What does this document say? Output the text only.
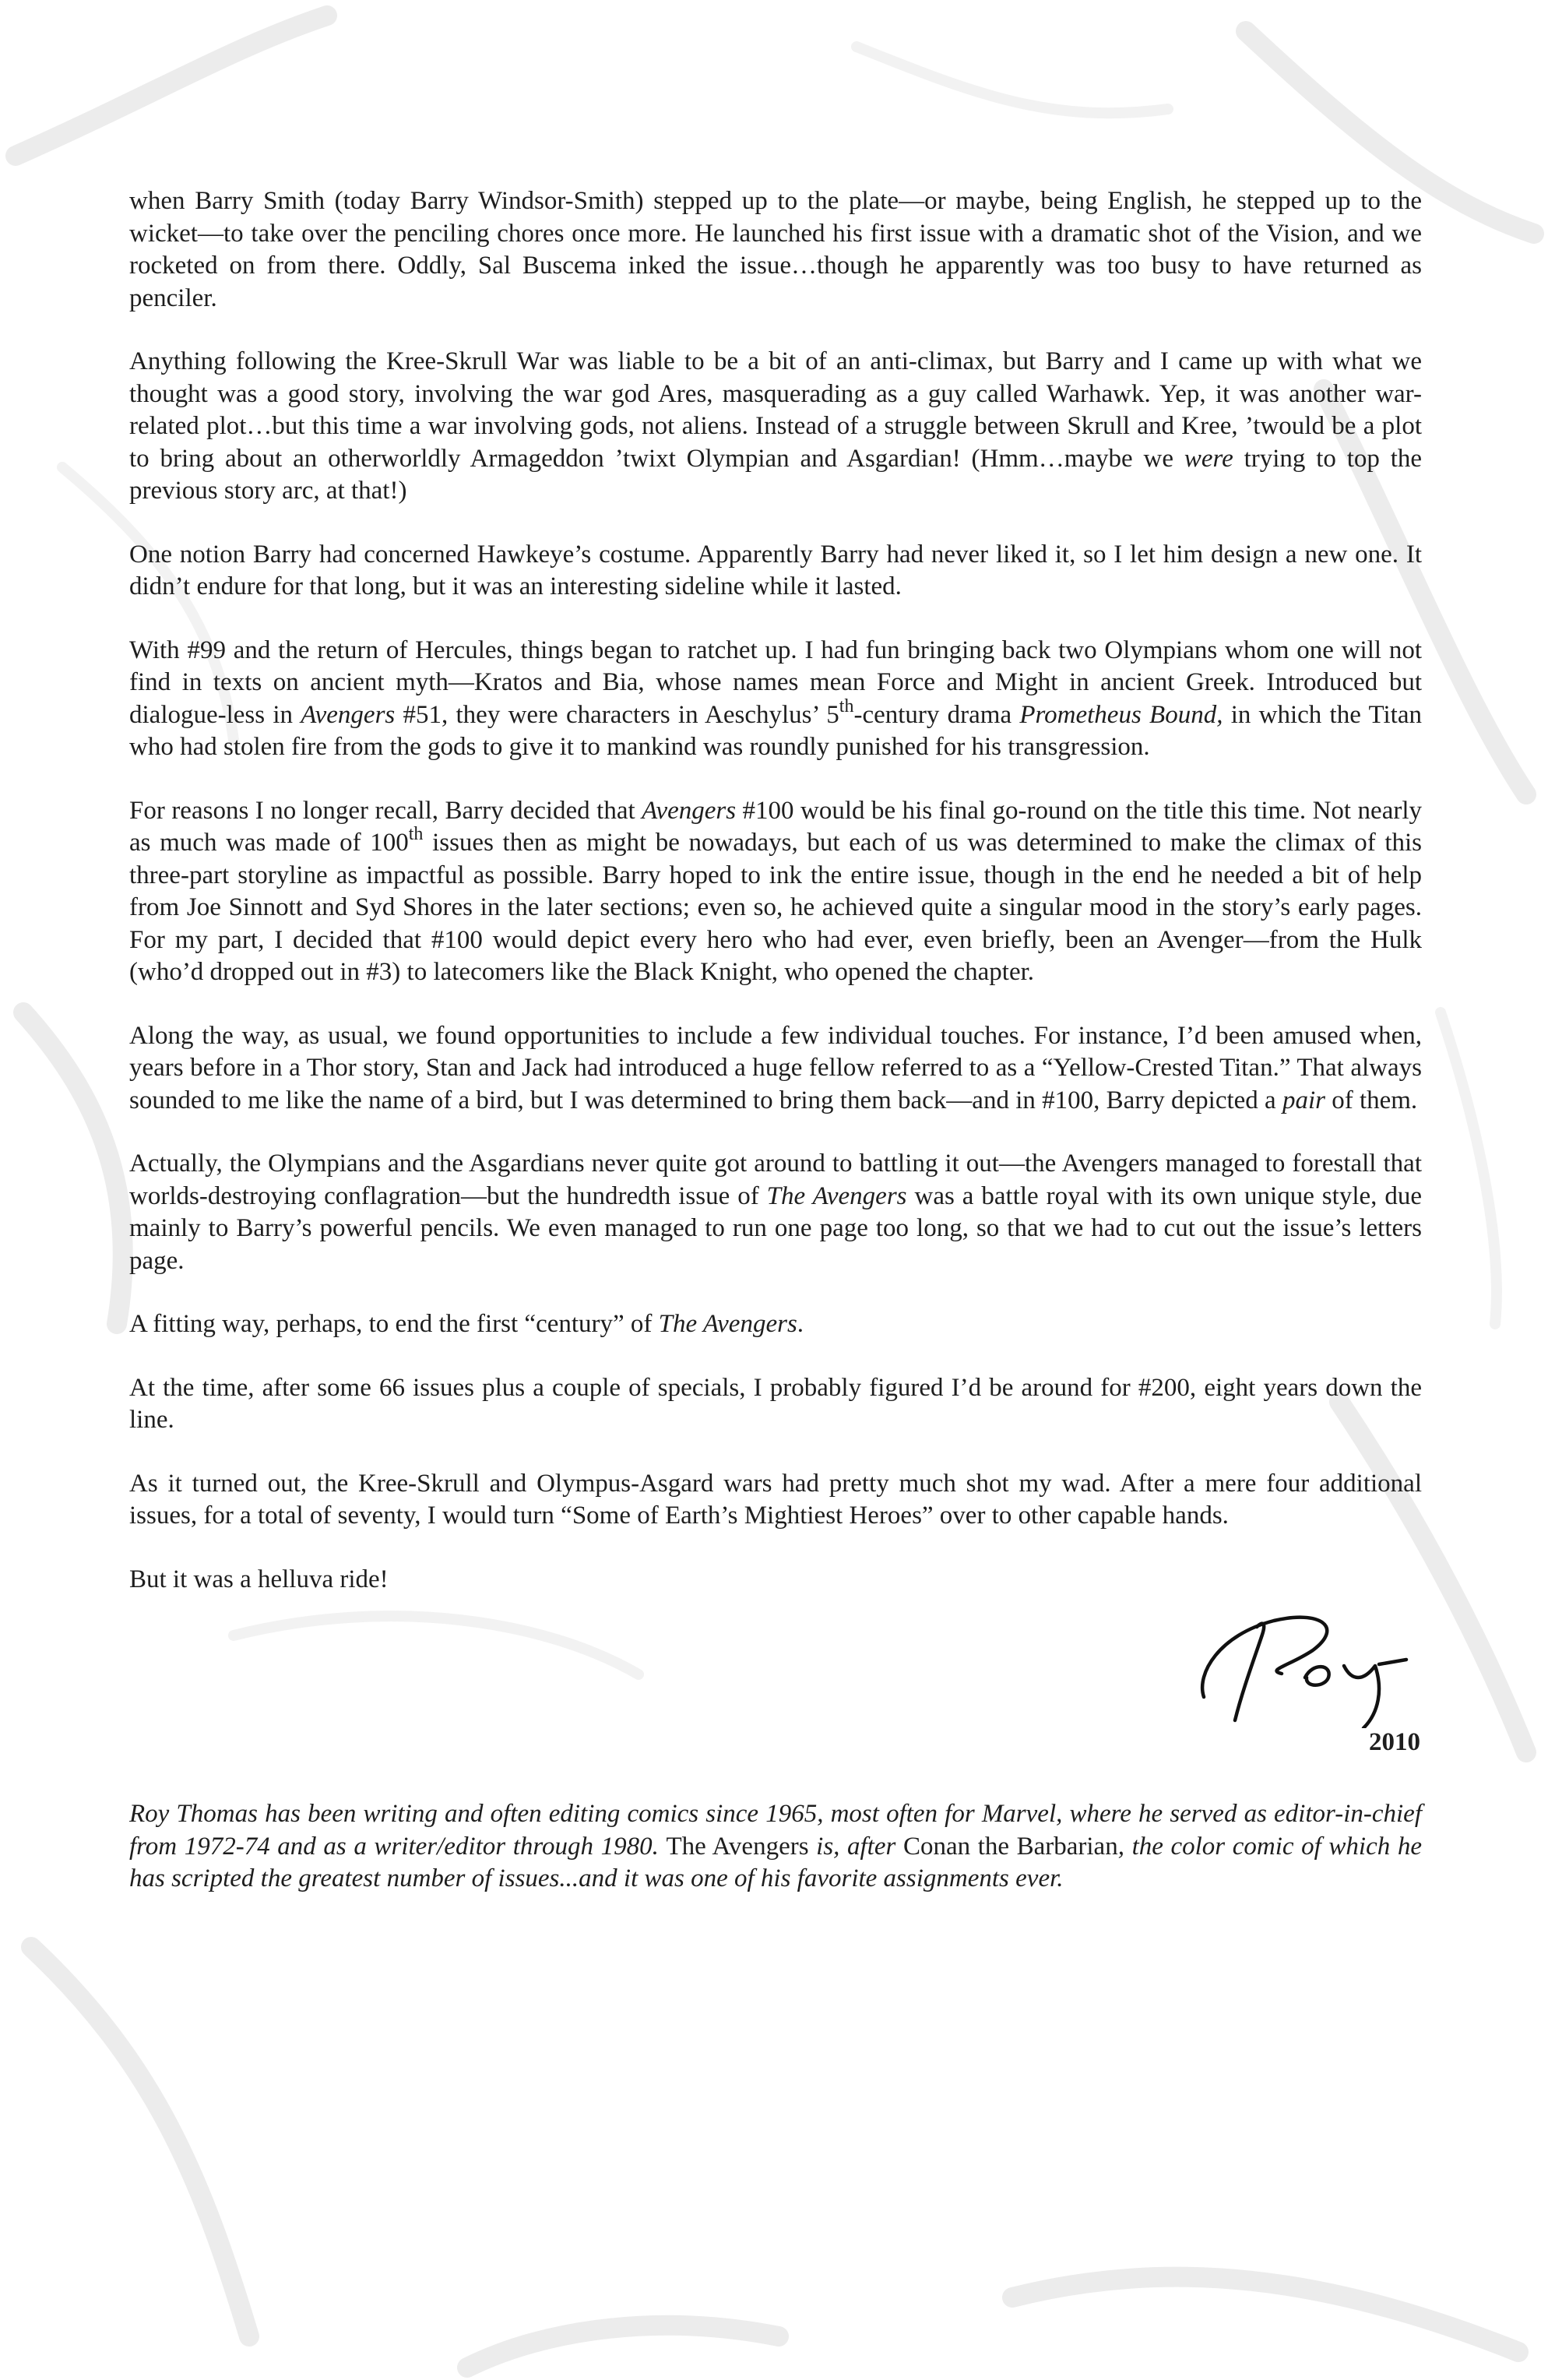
when Barry Smith (today Barry Windsor-Smith) stepped up to the plate—or maybe, being English, he stepped up to the wicket—to take over the penciling chores once more. He launched his first issue with a dramatic shot of the Vision, and we rocketed on from there. Oddly, Sal Buscema inked the issue…though he apparently was too busy to have returned as penciler.

Anything following the Kree-Skrull War was liable to be a bit of an anti-climax, but Barry and I came up with what we thought was a good story, involving the war god Ares, masquerading as a guy called Warhawk. Yep, it was another war-related plot…but this time a war involving gods, not aliens. Instead of a struggle between Skrull and Kree, ’twould be a plot to bring about an otherworldly Armageddon ’twixt Olympian and Asgardian! (Hmm…maybe we were trying to top the previous story arc, at that!)

One notion Barry had concerned Hawkeye’s costume. Apparently Barry had never liked it, so I let him design a new one. It didn’t endure for that long, but it was an interesting sideline while it lasted.

With #99 and the return of Hercules, things began to ratchet up. I had fun bringing back two Olympians whom one will not find in texts on ancient myth—Kratos and Bia, whose names mean Force and Might in ancient Greek. Introduced but dialogue-less in Avengers #51, they were characters in Aeschylus’ 5th-century drama Prometheus Bound, in which the Titan who had stolen fire from the gods to give it to mankind was roundly punished for his transgression.

For reasons I no longer recall, Barry decided that Avengers #100 would be his final go-round on the title this time. Not nearly as much was made of 100th issues then as might be nowadays, but each of us was determined to make the climax of this three-part storyline as impactful as possible. Barry hoped to ink the entire issue, though in the end he needed a bit of help from Joe Sinnott and Syd Shores in the later sections; even so, he achieved quite a singular mood in the story’s early pages. For my part, I decided that #100 would depict every hero who had ever, even briefly, been an Avenger—from the Hulk (who’d dropped out in #3) to latecomers like the Black Knight, who opened the chapter.

Along the way, as usual, we found opportunities to include a few individual touches. For instance, I’d been amused when, years before in a Thor story, Stan and Jack had introduced a huge fellow referred to as a “Yellow-Crested Titan.” That always sounded to me like the name of a bird, but I was determined to bring them back—and in #100, Barry depicted a pair of them.

Actually, the Olympians and the Asgardians never quite got around to battling it out—the Avengers managed to forestall that worlds-destroying conflagration—but the hundredth issue of The Avengers was a battle royal with its own unique style, due mainly to Barry’s powerful pencils. We even managed to run one page too long, so that we had to cut out the issue’s letters page.

A fitting way, perhaps, to end the first “century” of The Avengers.

At the time, after some 66 issues plus a couple of specials, I probably figured I’d be around for #200, eight years down the line.

As it turned out, the Kree-Skrull and Olympus-Asgard wars had pretty much shot my wad. After a mere four additional issues, for a total of seventy, I would turn “Some of Earth’s Mightiest Heroes” over to other capable hands.

But it was a helluva ride!

2010

Roy Thomas has been writing and often editing comics since 1965, most often for Marvel, where he served as editor-in-chief from 1972-74 and as a writer/editor through 1980. The Avengers is, after Conan the Barbarian, the color comic of which he has scripted the greatest number of issues...and it was one of his favorite assignments ever.
